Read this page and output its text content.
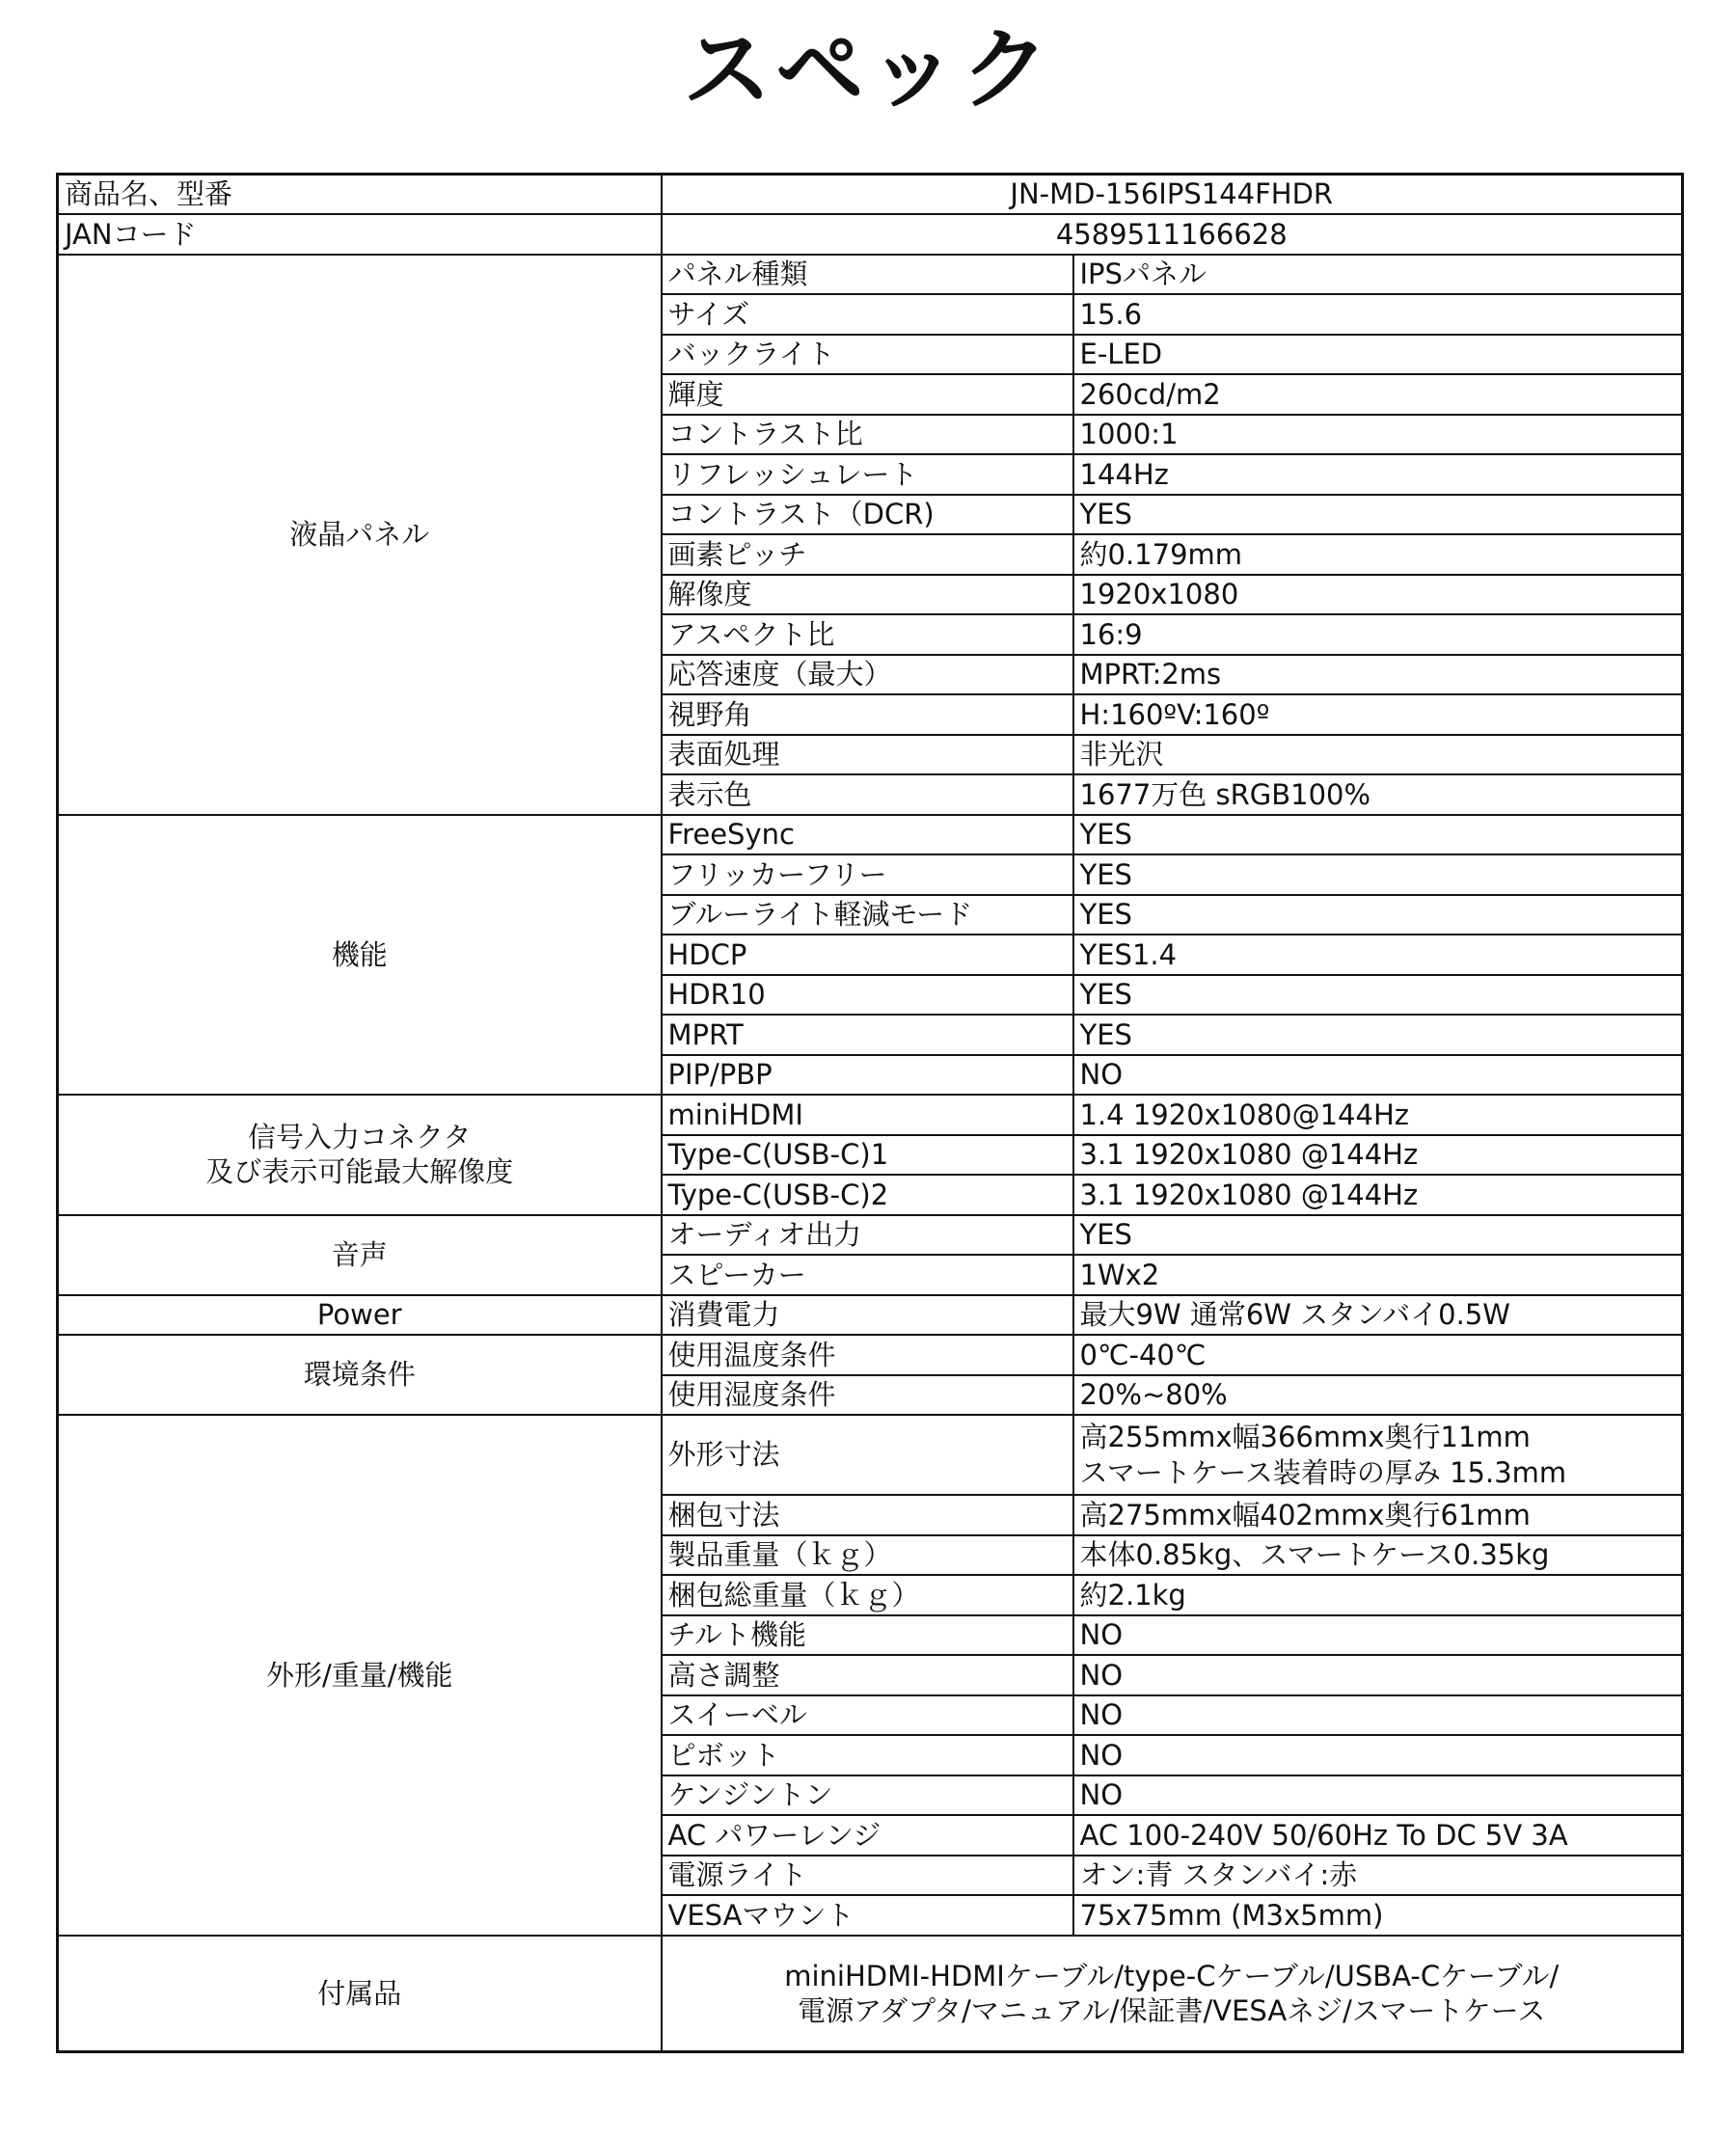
スペック
商品名、型番	JN-MD-156IPS144FHDR	
JANコード	4589511166628	
液晶パネル	パネル種類	IPSパネル
	サイズ	15.6
	バックライト	E-LED
	輝度	260cd/m2
	コントラスト比	1000:1
	リフレッシュレート	144Hz
	コントラスト（DCR)	YES
	画素ピッチ	約0.179mm
	解像度	1920x1080
	アスペクト比	16:9
	応答速度（最大）	MPRT:2ms
	視野角	H:160ºV:160º
	表面処理	非光沢
	表示色	1677万色 sRGB100%
機能	FreeSync	YES
	フリッカーフリー	YES
	ブルーライト軽減モード	YES
	HDCP	YES1.4
	HDR10	YES
	MPRT	YES
	PIP/PBP	NO
信号入力コネクタ
及び表示可能最大解像度	miniHDMI	1.4 1920x1080@144Hz
	Type-C(USB-C)1	3.1 1920x1080 @144Hz
	Type-C(USB-C)2	3.1 1920x1080 @144Hz
音声	オーディオ出力	YES
	スピーカー	1Wx2
Power	消費電力	最大9W 通常6W スタンバイ0.5W
環境条件	使用温度条件	0℃-40℃
	使用湿度条件	20%~80%
外形/重量/機能	外形寸法	高255mmx幅366mmx奥行11mm
スマートケース装着時の厚み 15.3mm
	梱包寸法	高275mmx幅402mmx奥行61mm
	製品重量（ｋｇ）	本体0.85kg、スマートケース0.35kg
	梱包総重量（ｋｇ）	約2.1kg
	チルト機能	NO
	高さ調整	NO
	スイーベル	NO
	ピボット	NO
	ケンジントン	NO
	AC パワーレンジ	AC 100-240V 50/60Hz To DC 5V 3A
	電源ライト	オン:青 スタンバイ:赤
	VESAマウント	75x75mm (M3x5mm)
付属品	miniHDMI-HDMIケーブル/type-Cケーブル/USBA-Cケーブル/
電源アダプタ/マニュアル/保証書/VESAネジ/スマートケース	
